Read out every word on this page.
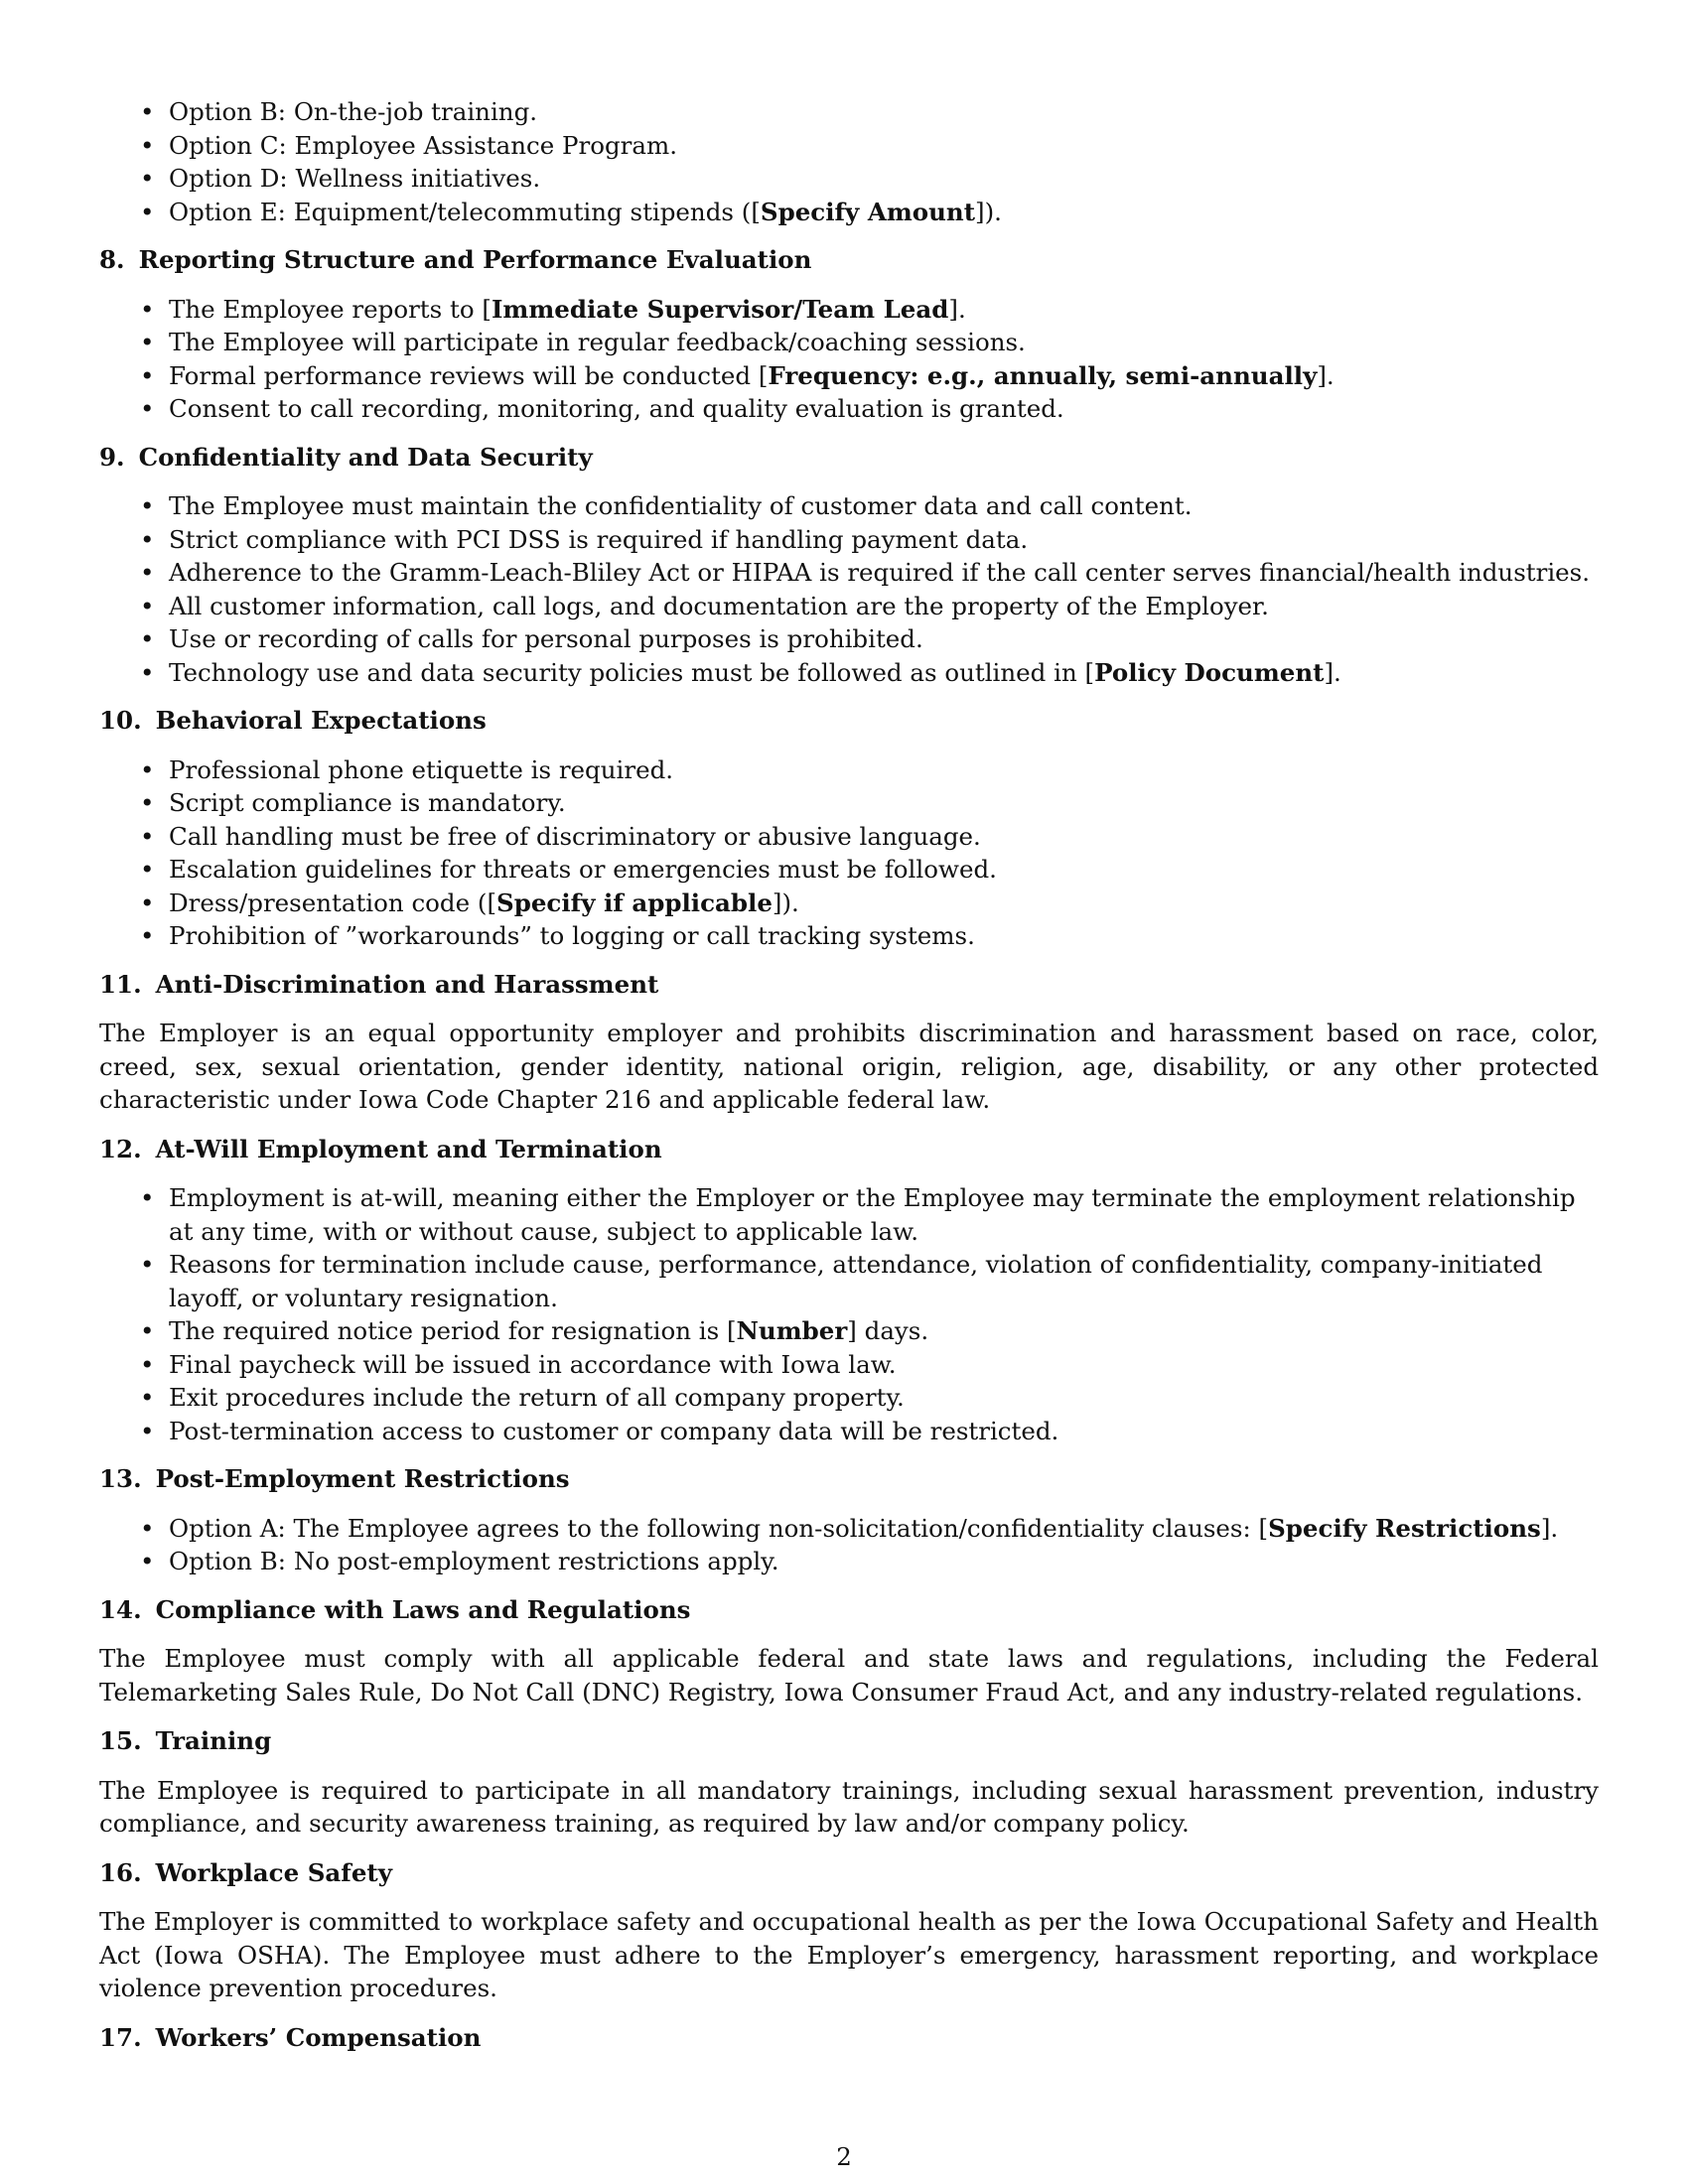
• Option B: On-the-job training.
• Option C: Employee Assistance Program.
• Option D: Wellness initiatives.
• Option E: Equipment/telecommuting stipends ([Specify Amount]).
8. Reporting Structure and Performance Evaluation
• The Employee reports to [Immediate Supervisor/Team Lead].
• The Employee will participate in regular feedback/coaching sessions.
• Formal performance reviews will be conducted [Frequency: e.g., annually, semi-annually].
• Consent to call recording, monitoring, and quality evaluation is granted.
9. Confidentiality and Data Security
• The Employee must maintain the confidentiality of customer data and call content.
• Strict compliance with PCI DSS is required if handling payment data.
• Adherence to the Gramm-Leach-Bliley Act or HIPAA is required if the call center serves financial/health industries.
• All customer information, call logs, and documentation are the property of the Employer.
• Use or recording of calls for personal purposes is prohibited.
• Technology use and data security policies must be followed as outlined in [Policy Document].
10. Behavioral Expectations
• Professional phone etiquette is required.
• Script compliance is mandatory.
• Call handling must be free of discriminatory or abusive language.
• Escalation guidelines for threats or emergencies must be followed.
• Dress/presentation code ([Specify if applicable]).
• Prohibition of ”workarounds” to logging or call tracking systems.
11. Anti-Discrimination and Harassment

The Employer is an equal opportunity employer and prohibits discrimination and harassment based on race, color, creed, sex, sexual orientation, gender identity, national origin, religion, age, disability, or any other protected characteristic under Iowa Code Chapter 216 and applicable federal law.

12. At-Will Employment and Termination
• Employment is at-will, meaning either the Employer or the Employee may terminate the employment relationship at any time, with or without cause, subject to applicable law.
• Reasons for termination include cause, performance, attendance, violation of confidentiality, company-initiated layoff, or voluntary resignation.
• The required notice period for resignation is [Number] days.
• Final paycheck will be issued in accordance with Iowa law.
• Exit procedures include the return of all company property.
• Post-termination access to customer or company data will be restricted.
13. Post-Employment Restrictions
• Option A: The Employee agrees to the following non-solicitation/confidentiality clauses: [Specify Restrictions].
• Option B: No post-employment restrictions apply.
14. Compliance with Laws and Regulations

The Employee must comply with all applicable federal and state laws and regulations, including the Federal Telemarketing Sales Rule, Do Not Call (DNC) Registry, Iowa Consumer Fraud Act, and any industry-related regulations.

15. Training

The Employee is required to participate in all mandatory trainings, including sexual harassment prevention, industry compliance, and security awareness training, as required by law and/or company policy.

16. Workplace Safety

The Employer is committed to workplace safety and occupational health as per the Iowa Occupational Safety and Health Act (Iowa OSHA). The Employee must adhere to the Employer’s emergency, harassment reporting, and workplace violence prevention procedures.

17. Workers’ Compensation
2
